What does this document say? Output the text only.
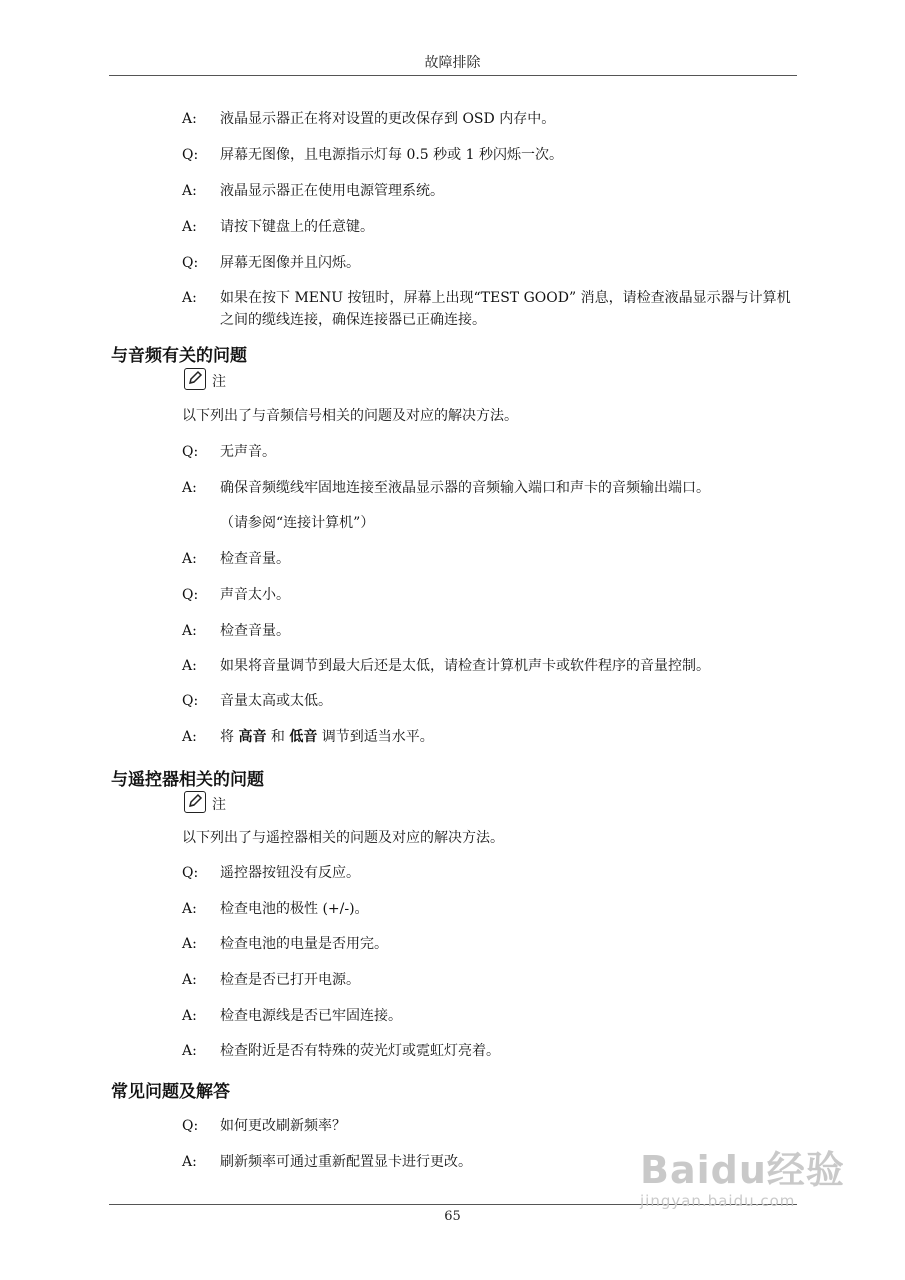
故障排除
A:	液晶显示器正在将对设置的更改保存到 OSD 内存中。
Q:	屏幕无图像，且电源指示灯每 0.5 秒或 1 秒闪烁一次。
A:	液晶显示器正在使用电源管理系统。
A:	请按下键盘上的任意键。
Q:	屏幕无图像并且闪烁。
A:	如果在按下 MENU 按钮时，屏幕上出现“TEST GOOD” 消息，请检查液晶显示器与计算机之间的缆线连接，确保连接器已正确连接。
与音频有关的问题
注
以下列出了与音频信号相关的问题及对应的解决方法。
Q:	无声音。
A:	确保音频缆线牢固地连接至液晶显示器的音频输入端口和声卡的音频输出端口。
（请参阅“连接计算机”）
A:	检查音量。
Q:	声音太小。
A:	检查音量。
A:	如果将音量调节到最大后还是太低，请检查计算机声卡或软件程序的音量控制。
Q:	音量太高或太低。
A:	将 高音 和 低音 调节到适当水平。
与遥控器相关的问题
注
以下列出了与遥控器相关的问题及对应的解决方法。
Q:	遥控器按钮没有反应。
A:	检查电池的极性 (+/-)。
A:	检查电池的电量是否用完。
A:	检查是否已打开电源。
A:	检查电源线是否已牢固连接。
A:	检查附近是否有特殊的荧光灯或霓虹灯亮着。
常见问题及解答
Q:	如何更改刷新频率？
A:	刷新频率可通过重新配置显卡进行更改。
65
Baidu经验
jingyan.baidu.com
